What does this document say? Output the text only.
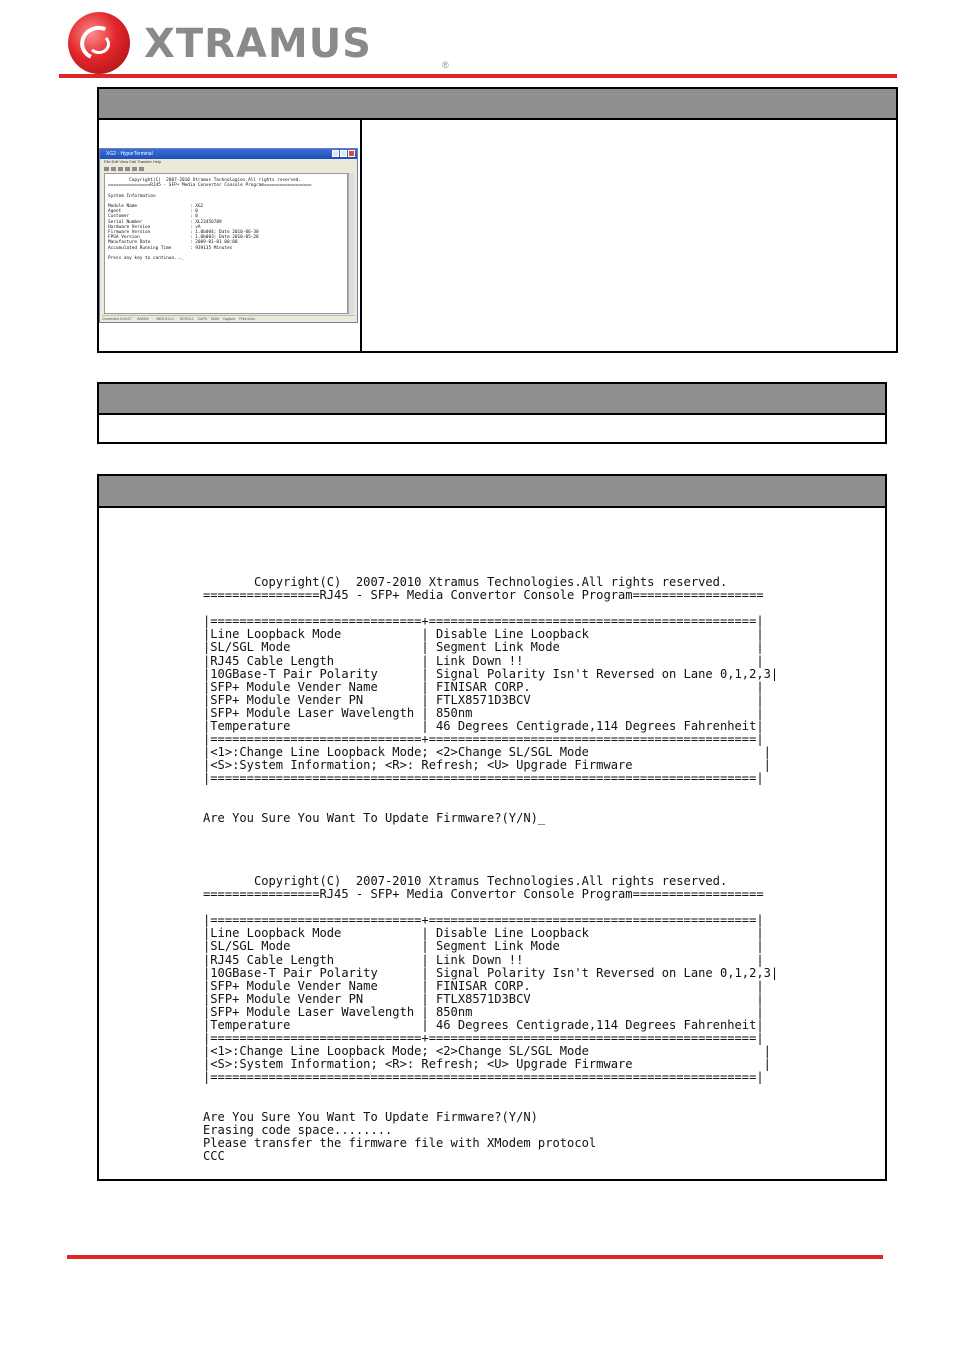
XTRAMUS	®
XG2 - HyperTerminal
File Edit View Call Transfer Help
Copyright(C)  2007-2010 Xtramus Technologies.All rights reserved.
================RJ45 - SFP+ Media Convertor Console Program==================

System Information

Module Name                    : XG2
Agent                          : 0
Customer                       : 0
Serial Number                  : XL23456789
Hardware Version               : vA
Firmware Version               : 1.0b004; Date 2010-06-30
FPGA Version                   : 1.0b003; Date 2010-05-20
Manufacture Date               : 2009-01-01 00:00
Accumulated Running Time       : 939135 Minutes

Press any key to continue..._
Connected 0:04:27      ANSIW        9600 8-N-1      SCROLL    CAPS    NUM    Capture    Print echo
Copyright(C)  2007-2010 Xtramus Technologies.All rights reserved.
================RJ45 - SFP+ Media Convertor Console Program==================
|=============================+=============================================|
|Line Loopback Mode           | Disable Line Loopback                       |
|SL/SGL Mode                  | Segment Link Mode                           |
|RJ45 Cable Length            | Link Down !!                                |
|10GBase-T Pair Polarity      | Signal Polarity Isn't Reversed on Lane 0,1,2,3|
|SFP+ Module Vender Name      | FINISAR CORP.                               |
|SFP+ Module Vender PN        | FTLX8571D3BCV                               |
|SFP+ Module Laser Wavelength | 850nm                                       |
|Temperature                  | 46 Degrees Centigrade,114 Degrees Fahrenheit|
|=============================+=============================================|
|<1>:Change Line Loopback Mode; <2>Change SL/SGL Mode                        |
|<S>:System Information; <R>: Refresh; <U> Upgrade Firmware                  |
|===========================================================================|
Are You Sure You Want To Update Firmware?(Y/N)_
Copyright(C)  2007-2010 Xtramus Technologies.All rights reserved.
================RJ45 - SFP+ Media Convertor Console Program==================
|=============================+=============================================|
|Line Loopback Mode           | Disable Line Loopback                       |
|SL/SGL Mode                  | Segment Link Mode                           |
|RJ45 Cable Length            | Link Down !!                                |
|10GBase-T Pair Polarity      | Signal Polarity Isn't Reversed on Lane 0,1,2,3|
|SFP+ Module Vender Name      | FINISAR CORP.                               |
|SFP+ Module Vender PN        | FTLX8571D3BCV                               |
|SFP+ Module Laser Wavelength | 850nm                                       |
|Temperature                  | 46 Degrees Centigrade,114 Degrees Fahrenheit|
|=============================+=============================================|
|<1>:Change Line Loopback Mode; <2>Change SL/SGL Mode                        |
|<S>:System Information; <R>: Refresh; <U> Upgrade Firmware                  |
|===========================================================================|
Are You Sure You Want To Update Firmware?(Y/N)
Erasing code space........
Please transfer the firmware file with XModem protocol
CCC
